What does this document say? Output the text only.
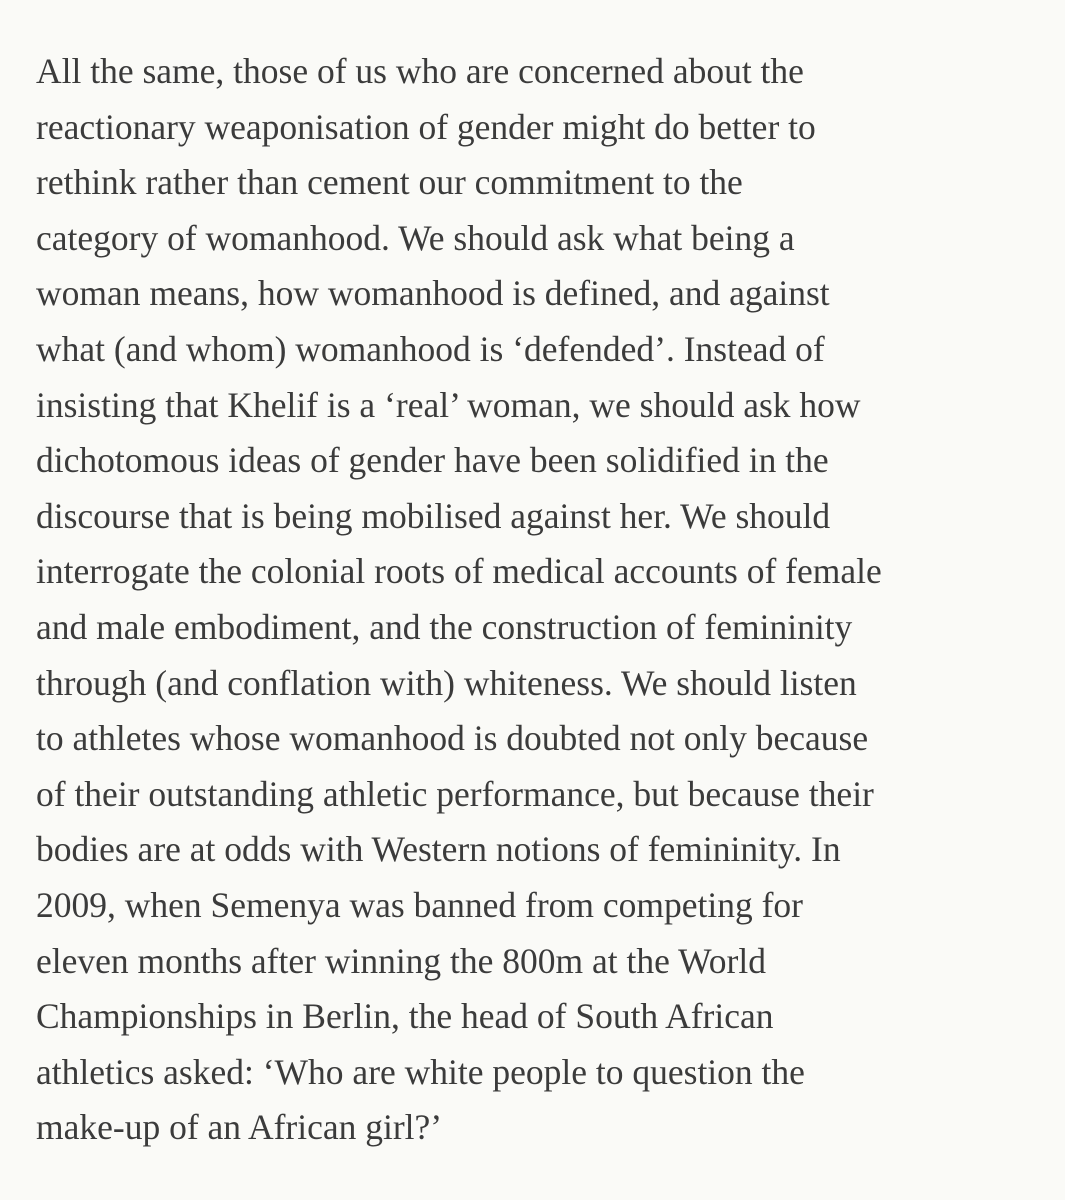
All the same, those of us who are concerned about the
reactionary weaponisation of gender might do better to
rethink rather than cement our commitment to the
category of womanhood. We should ask what being a
woman means, how womanhood is defined, and against
what (and whom) womanhood is ‘defended’. Instead of
insisting that Khelif is a ‘real’ woman, we should ask how
dichotomous ideas of gender have been solidified in the
discourse that is being mobilised against her. We should
interrogate the colonial roots of medical accounts of female
and male embodiment, and the construction of femininity
through (and conflation with) whiteness. We should listen
to athletes whose womanhood is doubted not only because
of their outstanding athletic performance, but because their
bodies are at odds with Western notions of femininity. In
2009, when Semenya was banned from competing for
eleven months after winning the 800m at the World
Championships in Berlin, the head of South African
athletics asked: ‘Who are white people to question the
make-up of an African girl?’
